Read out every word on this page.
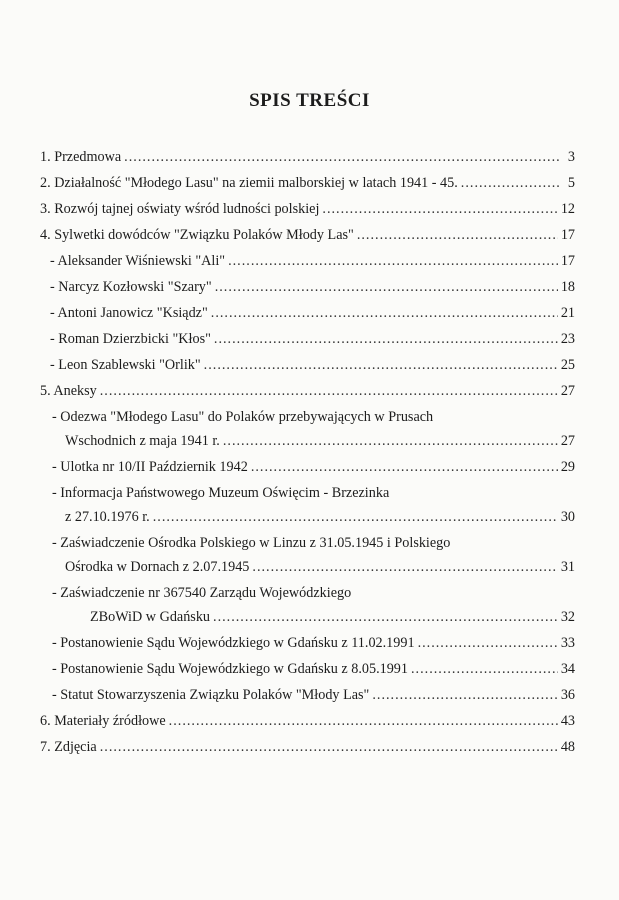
SPIS TREŚCI
1. Przedmowa .....	3
2. Działalność "Młodego Lasu" na ziemii malborskiej w latach 1941 - 45. .....	5
3. Rozwój tajnej oświaty wśród ludności polskiej .....	12
4. Sylwetki dowódców "Związku Polaków Młody Las" .....	17
- Aleksander Wiśniewski "Ali" .....	17
- Narcyz Kozłowski "Szary" .....	18
- Antoni Janowicz "Ksiądz" .....	21
- Roman Dzierzbicki "Kłos" .....	23
- Leon Szablewski "Orlik" .....	25
5. Aneksy .....	27
- Odezwa "Młodego Lasu" do Polaków przebywających w Prusach
Wschodnich z maja 1941 r. .....	27
- Ulotka nr 10/II Październik 1942 .....	29
- Informacja Państwowego Muzeum Oświęcim - Brzezinka
z 27.10.1976 r. .....	30
- Zaświadczenie Ośrodka Polskiego w Linzu z 31.05.1945 i Polskiego
Ośrodka w Dornach z 2.07.1945 .....	31
- Zaświadczenie nr 367540 Zarządu Wojewódzkiego
ZBoWiD w Gdańsku .....	32
- Postanowienie Sądu Wojewódzkiego w Gdańsku z 11.02.1991 .....	33
- Postanowienie Sądu Wojewódzkiego w Gdańsku z 8.05.1991 .....	34
- Statut Stowarzyszenia Związku Polaków "Młody Las" .....	36
6. Materiały źródłowe .....	43
7. Zdjęcia .....	48
